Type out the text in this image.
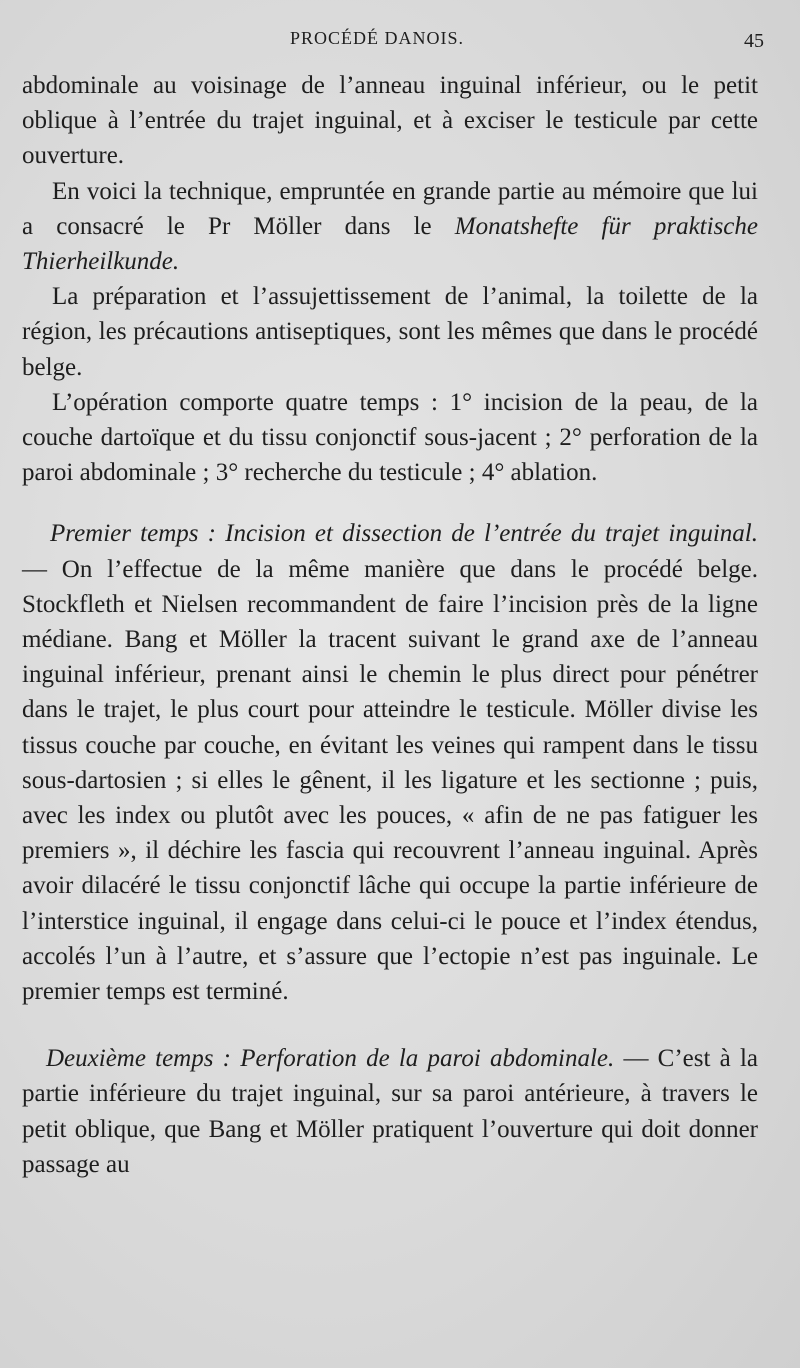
PROCÉDÉ DANOIS.	45

abdominale au voisinage de l’anneau inguinal inférieur, ou le petit oblique à l’entrée du trajet inguinal, et à exciser le testicule par cette ouverture.

En voici la technique, empruntée en grande partie au mémoire que lui a consacré le Pr Möller dans le Monatshefte für praktische Thierheilkunde.

La préparation et l’assujettissement de l’animal, la toilette de la région, les précautions antiseptiques, sont les mêmes que dans le procédé belge.

L’opération comporte quatre temps : 1° incision de la peau, de la couche dartoïque et du tissu conjonctif sous-jacent ; 2° perforation de la paroi abdominale ; 3° recherche du testicule ; 4° ablation.

Premier temps : Incision et dissection de l’entrée du trajet inguinal. — On l’effectue de la même manière que dans le procédé belge. Stockfleth et Nielsen recommandent de faire l’incision près de la ligne médiane. Bang et Möller la tracent suivant le grand axe de l’anneau inguinal inférieur, prenant ainsi le chemin le plus direct pour pénétrer dans le trajet, le plus court pour atteindre le testicule. Möller divise les tissus couche par couche, en évitant les veines qui rampent dans le tissu sous-dartosien ; si elles le gênent, il les ligature et les sectionne ; puis, avec les index ou plutôt avec les pouces, « afin de ne pas fatiguer les premiers », il déchire les fascia qui recouvrent l’anneau inguinal. Après avoir dilacéré le tissu conjonctif lâche qui occupe la partie inférieure de l’interstice inguinal, il engage dans celui-ci le pouce et l’index étendus, accolés l’un à l’autre, et s’assure que l’ectopie n’est pas inguinale. Le premier temps est terminé.

Deuxième temps : Perforation de la paroi abdominale. — C’est à la partie inférieure du trajet inguinal, sur sa paroi antérieure, à travers le petit oblique, que Bang et Möller pratiquent l’ouverture qui doit donner passage au
